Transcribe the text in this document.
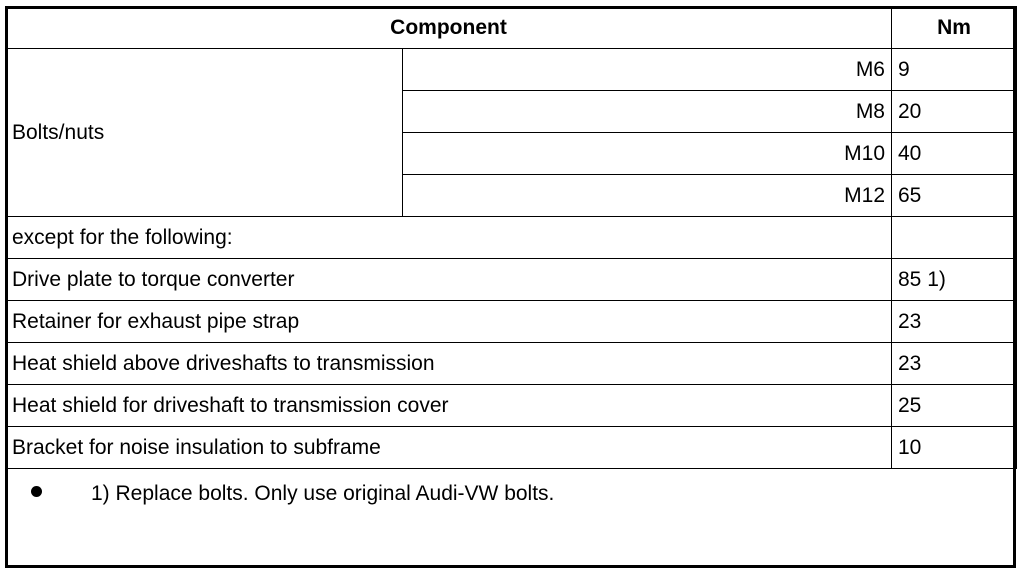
Component		Nm
Bolts/nuts	M6	9
	M8	20
	M10	40
	M12	65
except for the following:		
Drive plate to torque converter		85 1)
Retainer for exhaust pipe strap		23
Heat shield above driveshafts to transmission		23
Heat shield for driveshaft to transmission cover		25
Bracket for noise insulation to subframe		10
1) Replace bolts. Only use original Audi-VW bolts.
